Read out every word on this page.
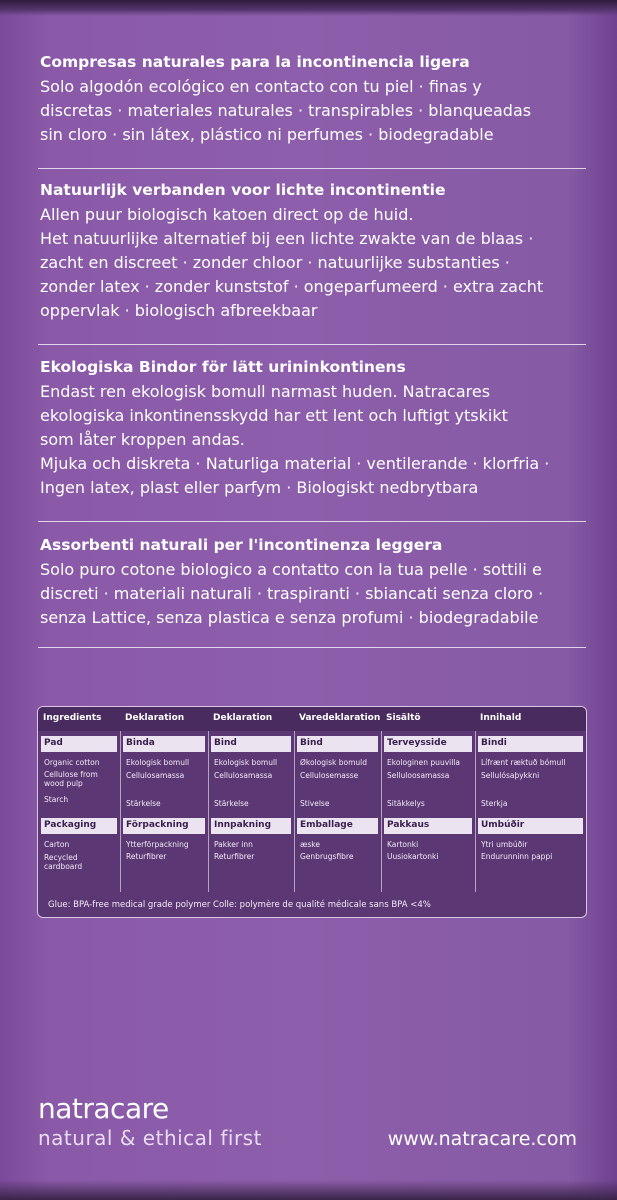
Compresas naturales para la incontinencia ligera

Solo algodón ecológico en contacto con tu piel · finas y

discretas · materiales naturales · transpirables · blanqueadas

sin cloro · sin látex, plástico ni perfumes · biodegradable

Natuurlijk verbanden voor lichte incontinentie

Allen puur biologisch katoen direct op de huid.

Het natuurlijke alternatief bij een lichte zwakte van de blaas ·

zacht en discreet · zonder chloor · natuurlijke substanties ·

zonder latex · zonder kunststof · ongeparfumeerd · extra zacht

oppervlak · biologisch afbreekbaar

Ekologiska Bindor för lätt urininkontinens

Endast ren ekologisk bomull narmast huden. Natracares

ekologiska inkontinensskydd har ett lent och luftigt ytskikt

som låter kroppen andas.

Mjuka och diskreta · Naturliga material · ventilerande · klorfria ·

Ingen latex, plast eller parfym · Biologiskt nedbrytbara

Assorbenti naturali per l'incontinenza leggera

Solo puro cotone biologico a contatto con la tua pelle · sottili e

discreti · materiali naturali · traspiranti · sbiancati senza cloro ·

senza Lattice, senza plastica e senza profumi · biodegradabile

Ingredients
Pad
Organic cotton
Cellulose from
wood pulp
Starch
Packaging
Carton
Recycled
cardboard
Deklaration
Binda
Ekologisk bomull
Cellulosamassa
Stärkelse
Förpackning
Ytterförpackning
Returfibrer
Deklaration
Bind
Ekologisk bomull
Cellulosamassa
Stärkelse
Innpakning
Pakker inn
Returfibrer
Varedeklaration
Bind
Økologisk bomuld
Cellulosemasse
Stivelse
Emballage
æske
Genbrugsfibre
Sisältö
Terveysside
Ekologinen puuvilla
Selluloosamassa
Sitäkkelys
Pakkaus
Kartonki
Uusiokartonki
Innihald
Bindi
Lífrænt ræktuð bómull
Sellulósaþykkni
Sterkja
Umbúðir
Ytri umbúðir
Endurunninn pappi
Glue: BPA-free medical grade polymer Colle: polymère de qualité médicale sans BPA <4%
natracare
natural & ethical first	www.natracare.com
